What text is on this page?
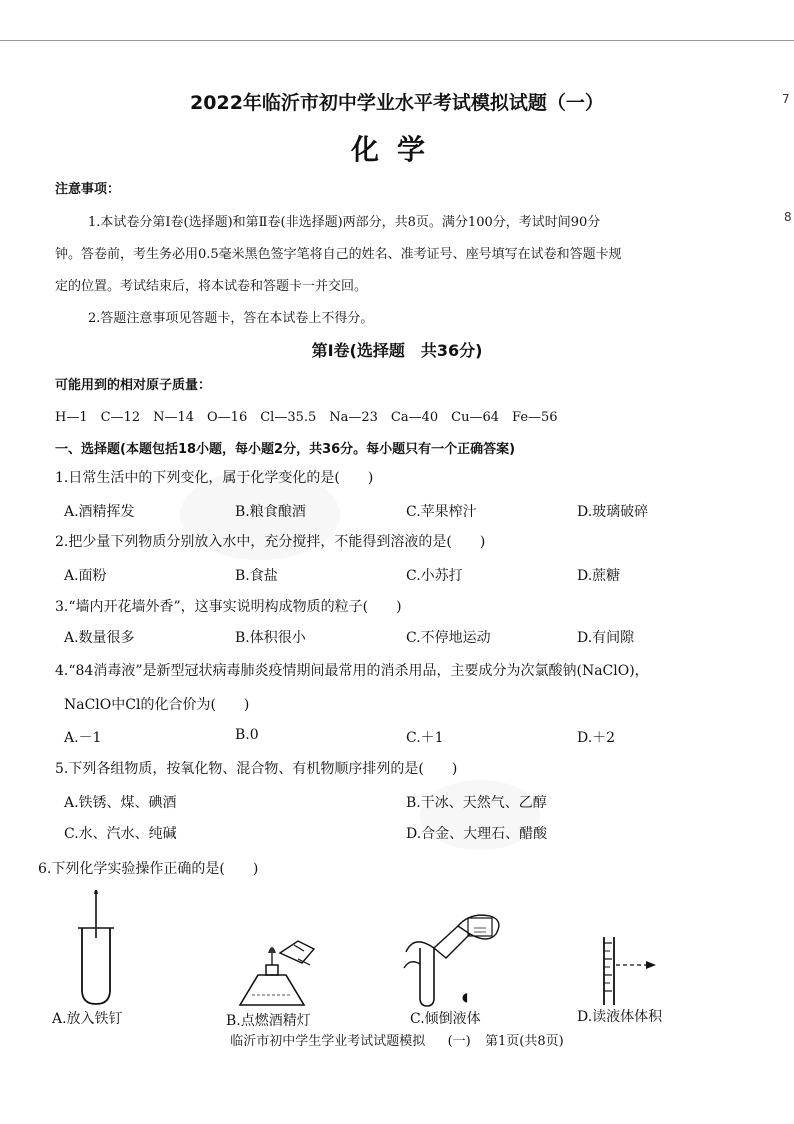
7
8
2022年临沂市初中学业水平考试模拟试题（一）
化学
注意事项：
1.本试卷分第Ⅰ卷(选择题)和第Ⅱ卷(非选择题)两部分，共8页。满分100分，考试时间90分
钟。答卷前，考生务必用0.5毫米黑色签字笔将自己的姓名、准考证号、座号填写在试卷和答题卡规
定的位置。考试结束后，将本试卷和答题卡一并交回。
2.答题注意事项见答题卡，答在本试卷上不得分。
第Ⅰ卷(选择题　共36分)
可能用到的相对原子质量：
H—1　C—12　N—14　O—16　Cl—35.5　Na—23　Ca—40　Cu—64　Fe—56
一、选择题(本题包括18小题，每小题2分，共36分。每小题只有一个正确答案)
1.日常生活中的下列变化，属于化学变化的是(　　)
A.酒精挥发	B.粮食酿酒	C.苹果榨汁	D.玻璃破碎
2.把少量下列物质分别放入水中，充分搅拌，不能得到溶液的是(　　)
A.面粉	B.食盐	C.小苏打	D.蔗糖
3.“墙内开花墙外香”，这事实说明构成物质的粒子(　　)
A.数量很多	B.体积很小	C.不停地运动	D.有间隙
4.“84消毒液”是新型冠状病毒肺炎疫情期间最常用的消杀用品，主要成分为次氯酸钠(NaClO)，
NaClO中Cl的化合价为(　　)
A.－1	B.0	C.＋1	D.＋2
5.下列各组物质，按氧化物、混合物、有机物顺序排列的是(　　)
A.铁锈、煤、碘酒	B.干冰、天然气、乙醇
C.水、汽水、纯碱	D.合金、大理石、醋酸
6.下列化学实验操作正确的是(　　)
◖
A.放入铁钉	B.点燃酒精灯	C.倾倒液体	D.读液体体积
临沂市初中学生学业考试试题模拟 (一) 第1页(共8页)
